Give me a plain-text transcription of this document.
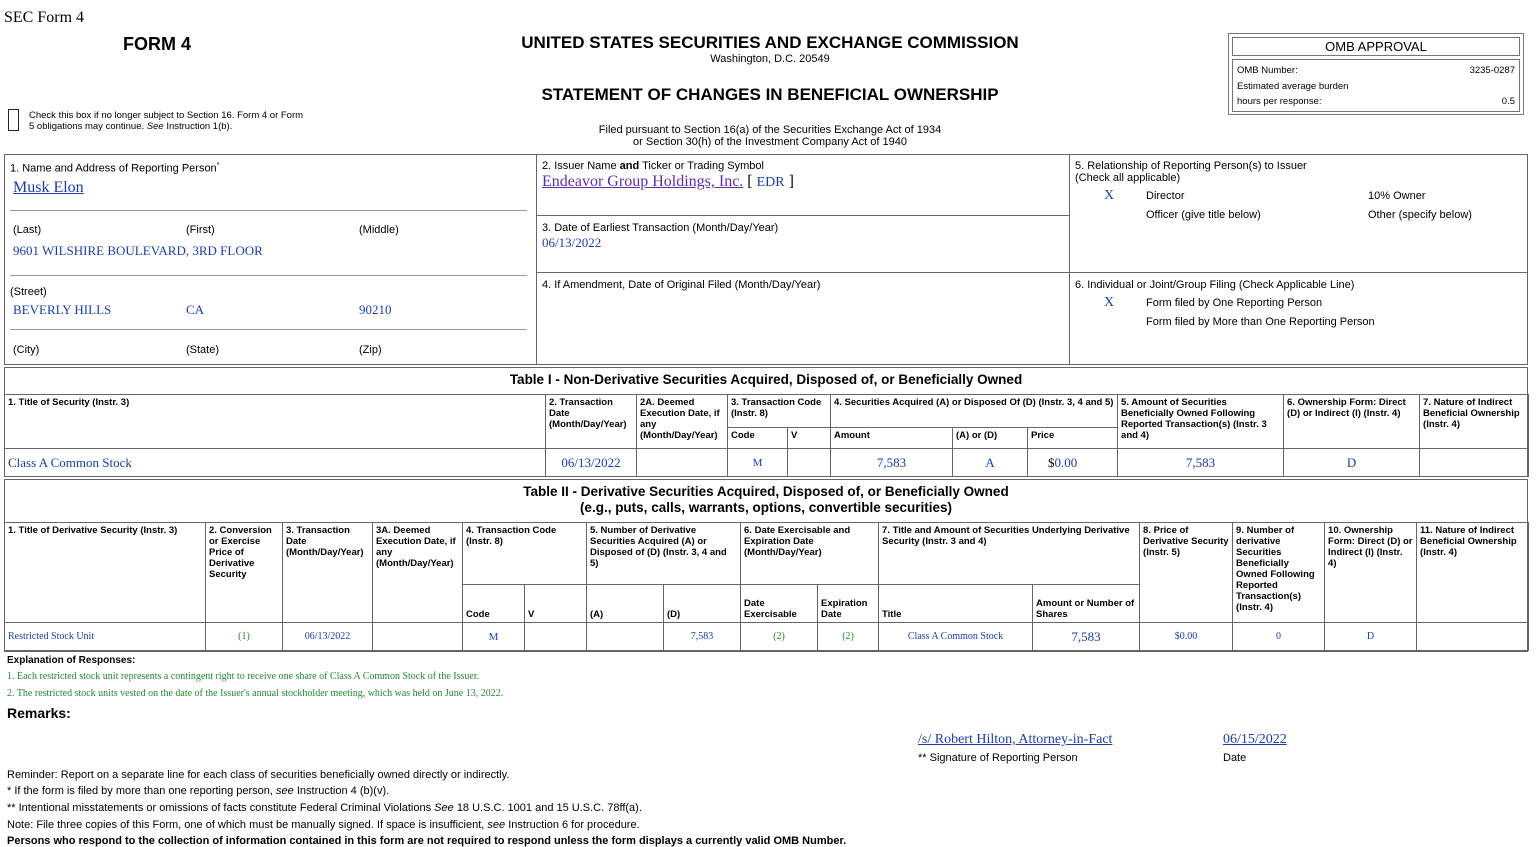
SEC Form 4
FORM 4	UNITED STATES SECURITIES AND EXCHANGE COMMISSION
Washington, D.C. 20549
STATEMENT OF CHANGES IN BENEFICIAL OWNERSHIP
Filed pursuant to Section 16(a) of the Securities Exchange Act of 1934
or Section 30(h) of the Investment Company Act of 1940
Check this box if no longer subject to Section 16. Form 4 or Form
5 obligations may continue. See Instruction 1(b).
OMB APPROVAL
OMB Number:	3235-0287
Estimated average burden
hours per response:	0.5
1. Name and Address of Reporting Person*
Musk Elon
(Last)	(First)	(Middle)
9601 WILSHIRE BOULEVARD, 3RD FLOOR
(Street)
BEVERLY HILLS	CA	90210
(City)	(State)	(Zip)
2. Issuer Name and Ticker or Trading Symbol
Endeavor Group Holdings, Inc. [ EDR ]
3. Date of Earliest Transaction (Month/Day/Year)
06/13/2022
4. If Amendment, Date of Original Filed (Month/Day/Year)
5. Relationship of Reporting Person(s) to Issuer
(Check all applicable)
X	Director	10% Owner
Officer (give title below)	Other (specify below)
6. Individual or Joint/Group Filing (Check Applicable Line)
X	Form filed by One Reporting Person
Form filed by More than One Reporting Person
Table I - Non-Derivative Securities Acquired, Disposed of, or Beneficially Owned
1. Title of Security (Instr. 3)	2. Transaction Date (Month/Day/Year)	2A. Deemed Execution Date, if any (Month/Day/Year)	3. Transaction Code (Instr. 8)		4. Securities Acquired (A) or Disposed Of (D) (Instr. 3, 4 and 5)			5. Amount of Securities Beneficially Owned Following Reported Transaction(s) (Instr. 3 and 4)	6. Ownership Form: Direct (D) or Indirect (I) (Instr. 4)	7. Nature of Indirect Beneficial Ownership (Instr. 4)
			Code	V	Amount	(A) or (D)	Price			
Class A Common Stock	06/13/2022		M		7,583	A	$0.00	7,583	D	
Table II - Derivative Securities Acquired, Disposed of, or Beneficially Owned
(e.g., puts, calls, warrants, options, convertible securities)
1. Title of Derivative Security (Instr. 3)	2. Conversion or Exercise Price of Derivative Security	3. Transaction Date (Month/Day/Year)	3A. Deemed Execution Date, if any (Month/Day/Year)	4. Transaction Code (Instr. 8)		5. Number of Derivative Securities Acquired (A) or Disposed of (D) (Instr. 3, 4 and 5)		6. Date Exercisable and Expiration Date (Month/Day/Year)		7. Title and Amount of Securities Underlying Derivative Security (Instr. 3 and 4)		8. Price of Derivative Security (Instr. 5)	9. Number of derivative Securities Beneficially Owned Following Reported Transaction(s) (Instr. 4)	10. Ownership Form: Direct (D) or Indirect (I) (Instr. 4)	11. Nature of Indirect Beneficial Ownership (Instr. 4)
				Code	V	(A)	(D)	Date Exercisable	Expiration Date	Title	Amount or Number of Shares				
Restricted Stock Unit	(1)	06/13/2022		M			7,583	(2)	(2)	Class A Common Stock	7,583	$0.00	0	D	
Explanation of Responses:
1. Each restricted stock unit represents a contingent right to receive one share of Class A Common Stock of the Issuer.
2. The restricted stock units vested on the date of the Issuer's annual stockholder meeting, which was held on June 13, 2022.
Remarks:
/s/ Robert Hilton, Attorney-in-Fact	06/15/2022
** Signature of Reporting Person	Date
Reminder: Report on a separate line for each class of securities beneficially owned directly or indirectly.
* If the form is filed by more than one reporting person, see Instruction 4 (b)(v).
** Intentional misstatements or omissions of facts constitute Federal Criminal Violations See 18 U.S.C. 1001 and 15 U.S.C. 78ff(a).
Note: File three copies of this Form, one of which must be manually signed. If space is insufficient, see Instruction 6 for procedure.
Persons who respond to the collection of information contained in this form are not required to respond unless the form displays a currently valid OMB Number.
